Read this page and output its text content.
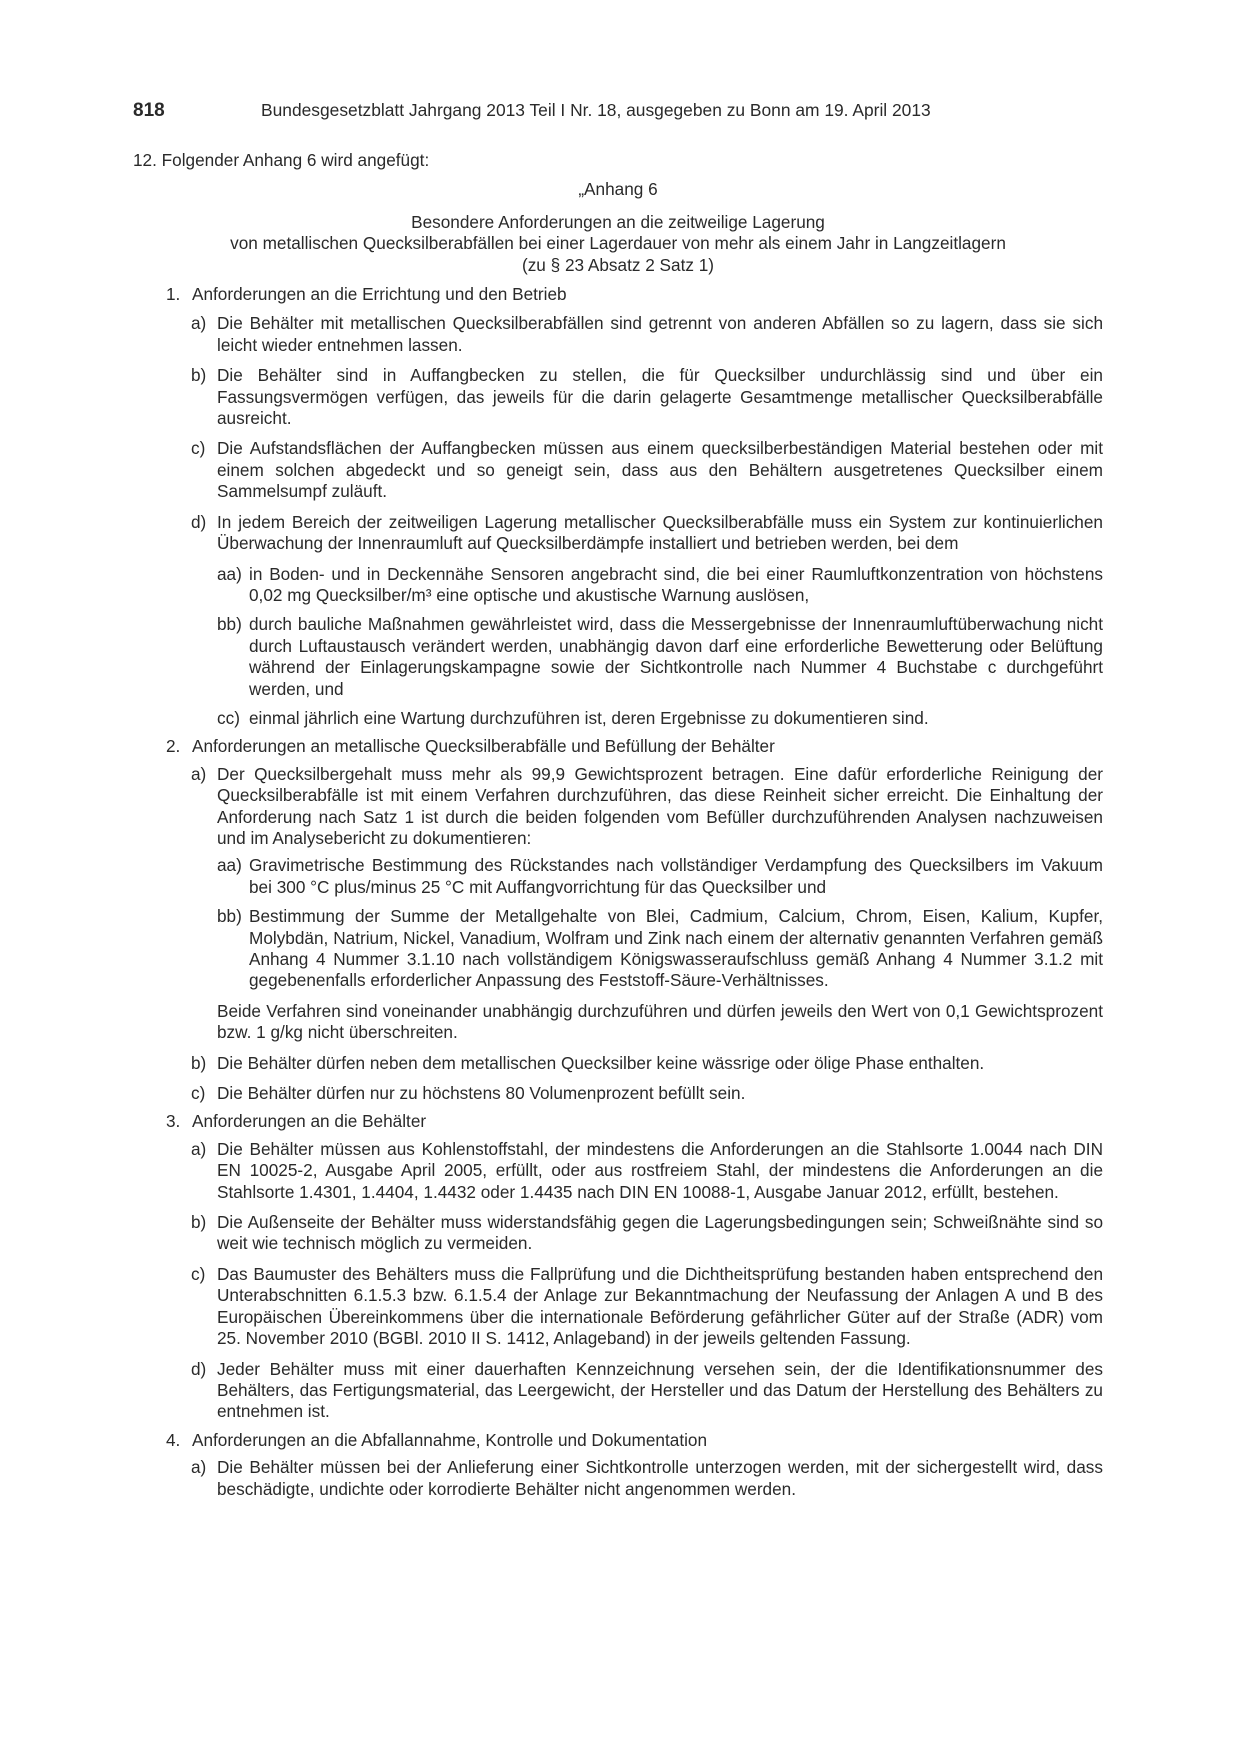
818	Bundesgesetzblatt Jahrgang 2013 Teil I Nr. 18, ausgegeben zu Bonn am 19. April 2013

12. Folgender Anhang 6 wird angefügt:

„Anhang 6
Besondere Anforderungen an die zeitweilige Lagerung
von metallischen Quecksilberabfällen bei einer Lagerdauer von mehr als einem Jahr in Langzeitlagern
(zu § 23 Absatz 2 Satz 1)
1. Anforderungen an die Errichtung und den Betrieb
a) Die Behälter mit metallischen Quecksilberabfällen sind getrennt von anderen Abfällen so zu lagern, dass sie sich leicht wieder entnehmen lassen.
b) Die Behälter sind in Auffangbecken zu stellen, die für Quecksilber undurchlässig sind und über ein Fassungsvermögen verfügen, das jeweils für die darin gelagerte Gesamtmenge metallischer Quecksilberabfälle ausreicht.
c) Die Aufstandsflächen der Auffangbecken müssen aus einem quecksilberbeständigen Material bestehen oder mit einem solchen abgedeckt und so geneigt sein, dass aus den Behältern ausgetretenes Quecksilber einem Sammelsumpf zuläuft.
d) In jedem Bereich der zeitweiligen Lagerung metallischer Quecksilberabfälle muss ein System zur kontinuierlichen Überwachung der Innenraumluft auf Quecksilberdämpfe installiert und betrieben werden, bei dem
aa) in Boden- und in Deckennähe Sensoren angebracht sind, die bei einer Raumluftkonzentration von höchstens 0,02 mg Quecksilber/m³ eine optische und akustische Warnung auslösen,
bb) durch bauliche Maßnahmen gewährleistet wird, dass die Messergebnisse der Innenraumluftüberwachung nicht durch Luftaustausch verändert werden, unabhängig davon darf eine erforderliche Bewetterung oder Belüftung während der Einlagerungskampagne sowie der Sichtkontrolle nach Nummer 4 Buchstabe c durchgeführt werden, und
cc) einmal jährlich eine Wartung durchzuführen ist, deren Ergebnisse zu dokumentieren sind.
2. Anforderungen an metallische Quecksilberabfälle und Befüllung der Behälter
a) Der Quecksilbergehalt muss mehr als 99,9 Gewichtsprozent betragen. Eine dafür erforderliche Reinigung der Quecksilberabfälle ist mit einem Verfahren durchzuführen, das diese Reinheit sicher erreicht. Die Einhaltung der Anforderung nach Satz 1 ist durch die beiden folgenden vom Befüller durchzuführenden Analysen nachzuweisen und im Analysebericht zu dokumentieren:
aa) Gravimetrische Bestimmung des Rückstandes nach vollständiger Verdampfung des Quecksilbers im Vakuum bei 300 °C plus/minus 25 °C mit Auffangvorrichtung für das Quecksilber und
bb) Bestimmung der Summe der Metallgehalte von Blei, Cadmium, Calcium, Chrom, Eisen, Kalium, Kupfer, Molybdän, Natrium, Nickel, Vanadium, Wolfram und Zink nach einem der alternativ genannten Verfahren gemäß Anhang 4 Nummer 3.1.10 nach vollständigem Königswasseraufschluss gemäß Anhang 4 Nummer 3.1.2 mit gegebenenfalls erforderlicher Anpassung des Feststoff-Säure-Verhältnisses.
Beide Verfahren sind voneinander unabhängig durchzuführen und dürfen jeweils den Wert von 0,1 Gewichtsprozent bzw. 1 g/kg nicht überschreiten.
b) Die Behälter dürfen neben dem metallischen Quecksilber keine wässrige oder ölige Phase enthalten.
c) Die Behälter dürfen nur zu höchstens 80 Volumenprozent befüllt sein.
3. Anforderungen an die Behälter
a) Die Behälter müssen aus Kohlenstoffstahl, der mindestens die Anforderungen an die Stahlsorte 1.0044 nach DIN EN 10025-2, Ausgabe April 2005, erfüllt, oder aus rostfreiem Stahl, der mindestens die Anforderungen an die Stahlsorte 1.4301, 1.4404, 1.4432 oder 1.4435 nach DIN EN 10088-1, Ausgabe Januar 2012, erfüllt, bestehen.
b) Die Außenseite der Behälter muss widerstandsfähig gegen die Lagerungsbedingungen sein; Schweißnähte sind so weit wie technisch möglich zu vermeiden.
c) Das Baumuster des Behälters muss die Fallprüfung und die Dichtheitsprüfung bestanden haben entsprechend den Unterabschnitten 6.1.5.3 bzw. 6.1.5.4 der Anlage zur Bekanntmachung der Neufassung der Anlagen A und B des Europäischen Übereinkommens über die internationale Beförderung gefährlicher Güter auf der Straße (ADR) vom 25. November 2010 (BGBl. 2010 II S. 1412, Anlageband) in der jeweils geltenden Fassung.
d) Jeder Behälter muss mit einer dauerhaften Kennzeichnung versehen sein, der die Identifikationsnummer des Behälters, das Fertigungsmaterial, das Leergewicht, der Hersteller und das Datum der Herstellung des Behälters zu entnehmen ist.
4. Anforderungen an die Abfallannahme, Kontrolle und Dokumentation
a) Die Behälter müssen bei der Anlieferung einer Sichtkontrolle unterzogen werden, mit der sichergestellt wird, dass beschädigte, undichte oder korrodierte Behälter nicht angenommen werden.
